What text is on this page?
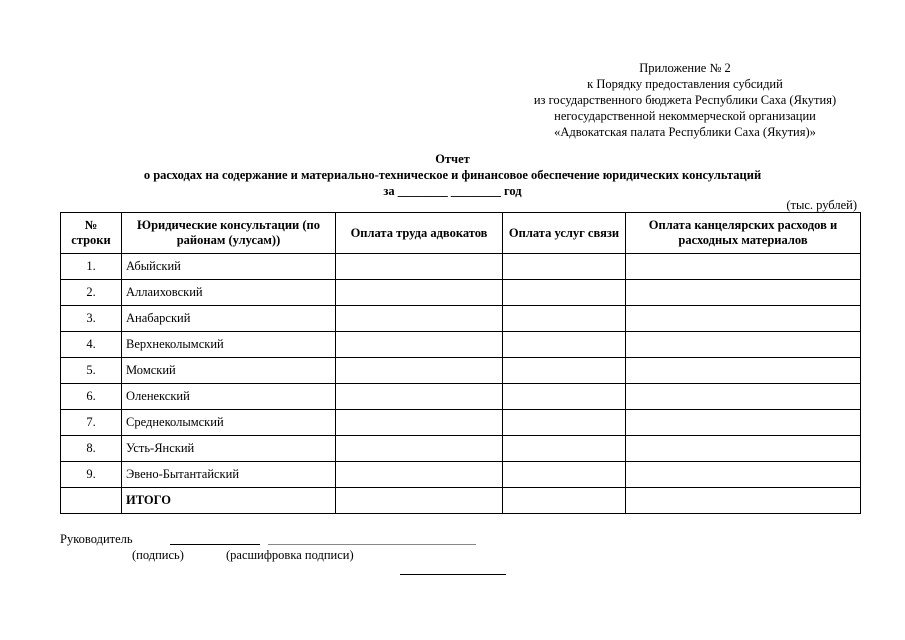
Приложение № 2
к Порядку предоставления субсидий
из государственного бюджета Республики Саха (Якутия)
негосударственной некоммерческой организации
«Адвокатская палата Республики Саха (Якутия)»
Отчет
о расходах на содержание и материально-техническое и финансовое обеспечение юридических консультаций
за ________ ________ год
(тыс. рублей)
№ строки	Юридические консультации (по районам (улусам))	Оплата труда адвокатов	Оплата услуг связи	Оплата канцелярских расходов и расходных материалов
1.	Абыйский			
2.	Аллаиховский			
3.	Анабарский			
4.	Верхнеколымский			
5.	Момский			
6.	Оленекский			
7.	Среднеколымский			
8.	Усть-Янский			
9.	Эвено-Бытантайский			
	ИТОГО			
Руководитель
(подпись)	(расшифровка подписи)
